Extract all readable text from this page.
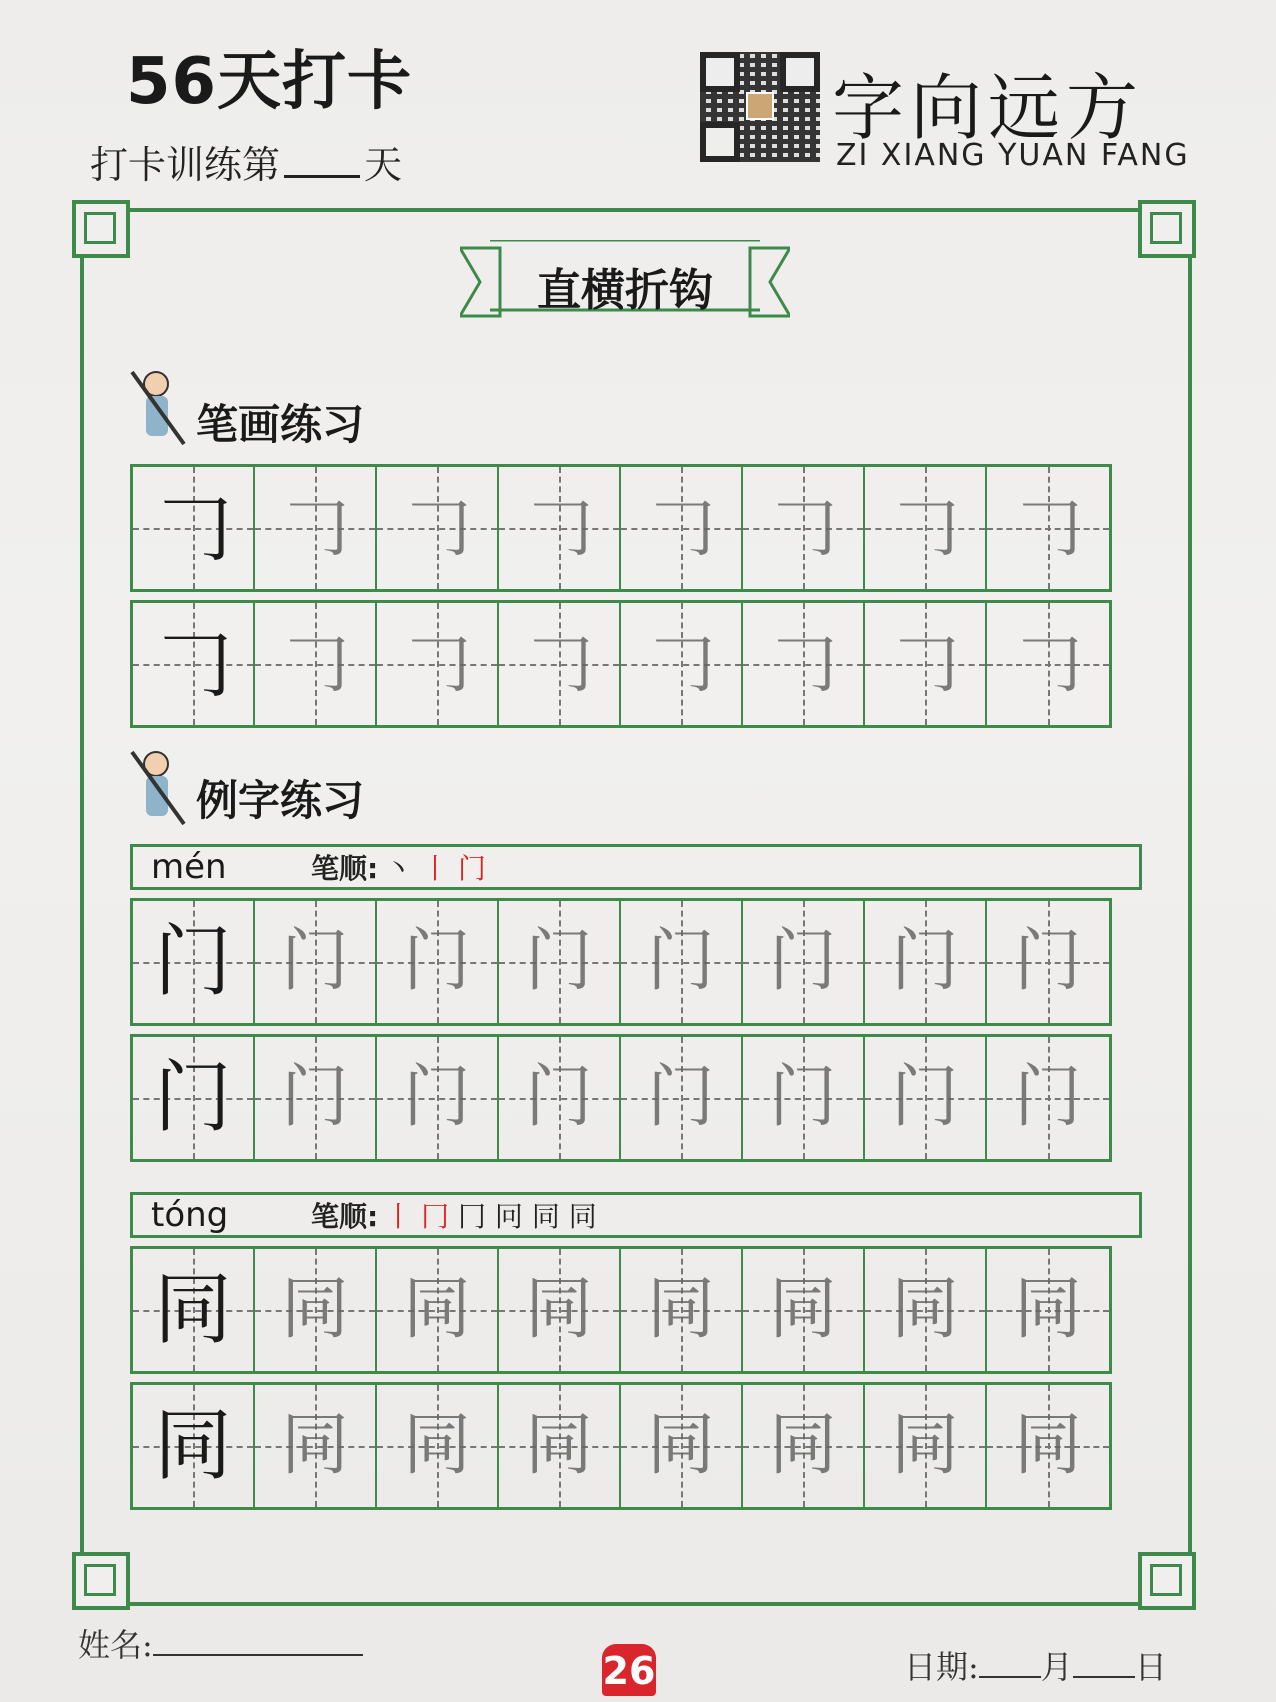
56天打卡
打卡训练第 天
字向远方
ZI XIANG YUAN FANG
直横折钩
笔画练习
𠃌 𠃌 𠃌 𠃌 𠃌 𠃌 𠃌 𠃌
𠃌 𠃌 𠃌 𠃌 𠃌 𠃌 𠃌 𠃌
例字练习
mén	笔顺: 丶 丨 门
门 门 门 门 门 门 门 门
门 门 门 门 门 门 门 门
tóng	笔顺: 丨 冂 冂 冋 同 同
同 同 同 同 同 同 同 同
同 同 同 同 同 同 同 同
姓名:
26	日期: 月 日
